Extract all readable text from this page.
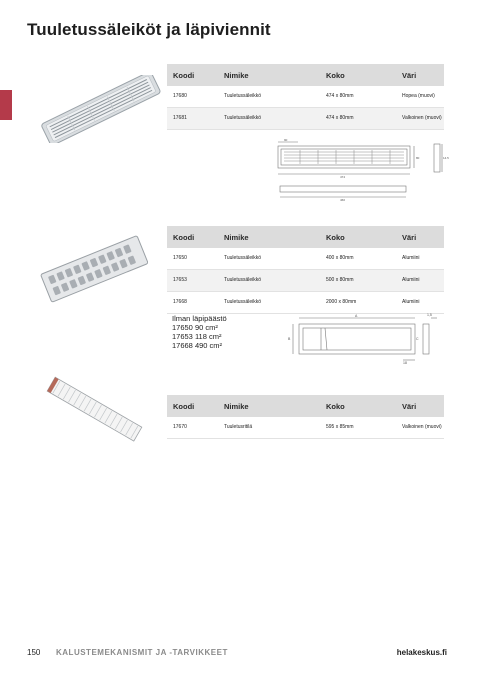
Tuuletussäleiköt ja läpiviennit
Koodi	Nimike	Koko	Väri
17680	Tuuletussäleikkö	474 x 80mm	Hopea (muovi)
17681	Tuuletussäleikkö	474 x 80mm	Valkoinen (muovi)
90
474
460
80	14.5
Koodi	Nimike	Koko	Väri
17650	Tuuletussäleikkö	400 x 80mm	Alumiini
17653	Tuuletussäleikkö	500 x 80mm	Alumiini
17668	Tuuletussäleikkö	2000 x 80mm	Alumiini
Ilman läpipäästö
17650 90 cm²
17653 118 cm²
17668 490 cm²
A
B	C
1,5
18
Koodi	Nimike	Koko	Väri
17670	Tuuletusritilä	595 x 85mm	Valkoinen (muovi)
150 KALUSTEMEKANISMIT JA -TARVIKKEET	helakeskus.fi
